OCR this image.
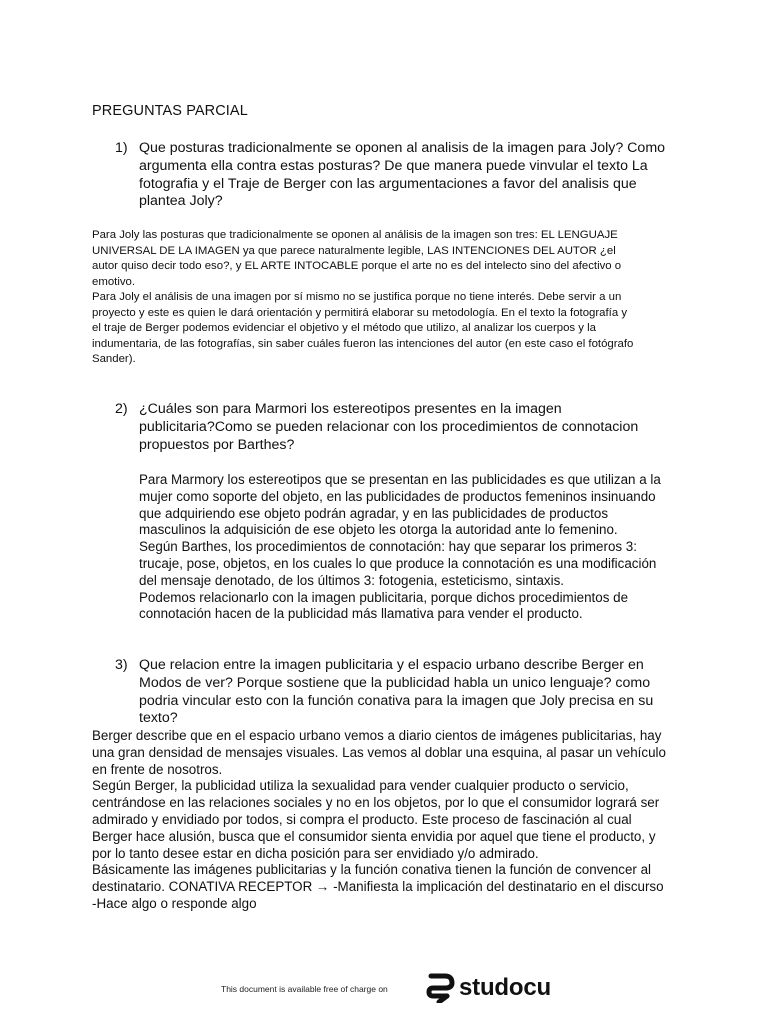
PREGUNTAS PARCIAL
1) Que posturas tradicionalmente se oponen al analisis de la imagen para Joly? Como
argumenta ella contra estas posturas? De que manera puede vinvular el texto La
fotografia y el Traje de Berger con las argumentaciones a favor del analisis que
plantea Joly?
Para Joly las posturas que tradicionalmente se oponen al análisis de la imagen son tres: EL LENGUAJE
UNIVERSAL DE LA IMAGEN ya que parece naturalmente legible, LAS INTENCIONES DEL AUTOR ¿el
autor quiso decir todo eso?, y EL ARTE INTOCABLE porque el arte no es del intelecto sino del afectivo o
emotivo.
Para Joly el análisis de una imagen por sí mismo no se justifica porque no tiene interés. Debe servir a un
proyecto y este es quien le dará orientación y permitirá elaborar su metodología. En el texto la fotografía y
el traje de Berger podemos evidenciar el objetivo y el método que utilizo, al analizar los cuerpos y la
indumentaria, de las fotografías, sin saber cuáles fueron las intenciones del autor (en este caso el fotógrafo
Sander).
2) ¿Cuáles son para Marmori los estereotipos presentes en la imagen
publicitaria?Como se pueden relacionar con los procedimientos de connotacion
propuestos por Barthes?
Para Marmory los estereotipos que se presentan en las publicidades es que utilizan a la
mujer como soporte del objeto, en las publicidades de productos femeninos insinuando
que adquiriendo ese objeto podrán agradar, y en las publicidades de productos
masculinos la adquisición de ese objeto les otorga la autoridad ante lo femenino.
Según Barthes, los procedimientos de connotación: hay que separar los primeros 3:
trucaje, pose, objetos, en los cuales lo que produce la connotación es una modificación
del mensaje denotado, de los últimos 3: fotogenia, esteticismo, sintaxis.
Podemos relacionarlo con la imagen publicitaria, porque dichos procedimientos de
connotación hacen de la publicidad más llamativa para vender el producto.
3) Que relacion entre la imagen publicitaria y el espacio urbano describe Berger en
Modos de ver? Porque sostiene que la publicidad habla un unico lenguaje? como
podria vincular esto con la función conativa para la imagen que Joly precisa en su
texto?
Berger describe que en el espacio urbano vemos a diario cientos de imágenes publicitarias, hay
una gran densidad de mensajes visuales. Las vemos al doblar una esquina, al pasar un vehículo
en frente de nosotros.
Según Berger, la publicidad utiliza la sexualidad para vender cualquier producto o servicio,
centrándose en las relaciones sociales y no en los objetos, por lo que el consumidor logrará ser
admirado y envidiado por todos, si compra el producto. Este proceso de fascinación al cual
Berger hace alusión, busca que el consumidor sienta envidia por aquel que tiene el producto, y
por lo tanto desee estar en dicha posición para ser envidiado y/o admirado.
Básicamente las imágenes publicitarias y la función conativa tienen la función de convencer al
destinatario. CONATIVA RECEPTOR → -Manifiesta la implicación del destinatario en el discurso
-Hace algo o responde algo
This document is available free of charge on	studocu
